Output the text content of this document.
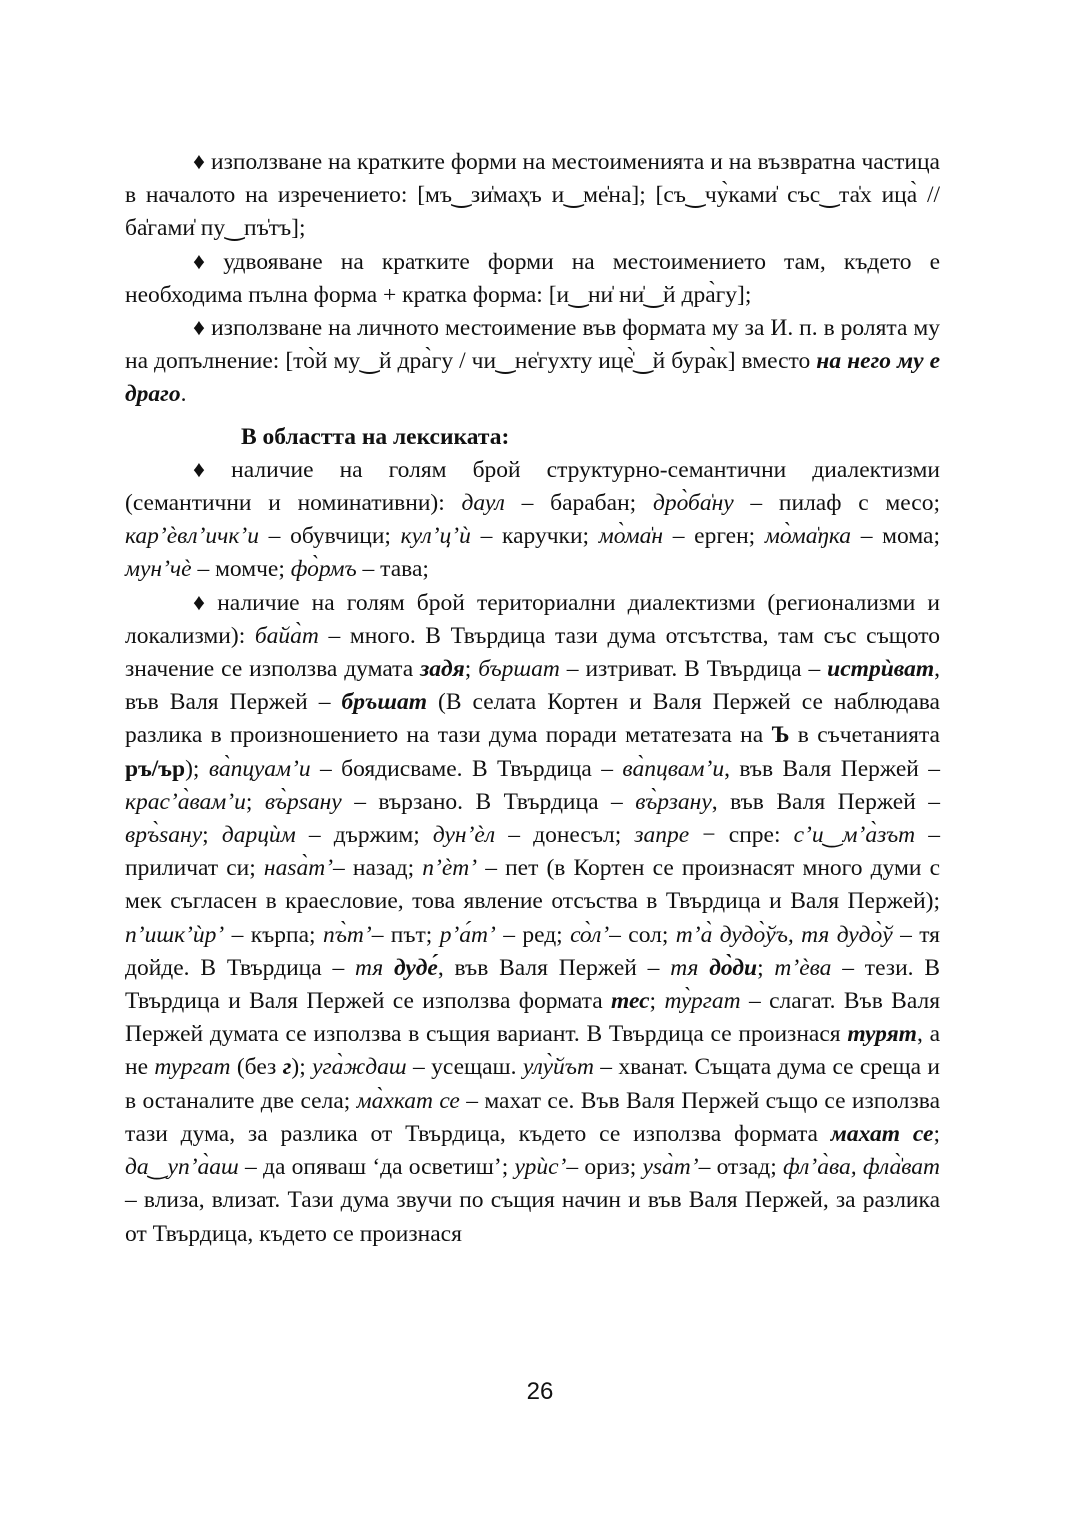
♦ използване на кратките форми на местоименията и на възвратна частица в началото на изречението: [мъ‿зи̍маҳъ и‿ме̍на]; [съ‿чу̀ками̍ със‿та̍х ица̀ // ба̍гами̍ пу‿пъ̍тъ];

♦ удвояване на кратките форми на местоимението там, където е необходима пълна форма + кратка форма: [и‿ни̍ ни̍‿й дра̀гу];

♦ използване на личното местоимение във формата му за И. п. в ролята му на допълнение: [то̀й му‿й дра̀гу / чи‿не̍гухту ице̍̀‿й бура̀к] вместо на него му е драго.

В областта на лексиката:

♦ наличие на голям брой структурно-семантични диалектизми (семантични и номинативни): даул – барабан; дро̀ба̍ну – пилаф с месо; кар’ѐвл’ичк’и – обувчици; кул’ц’ѝ – каручки; мо̀ма̍н – ерген; мо̀ма̍ŋка – мома; мун’чѐ – момче; фо̀рмъ – тава;

♦ наличие на голям брой териториални диалектизми (регионализми и локализми): байа̀т – много. В Твърдица тази дума отсътства, там със същото значение се използва думата задя; бършат – изтриват. В Твърдица – истрѝват, във Валя Пержей – бръшат (В селата Кортен и Валя Пержей се наблюдава разлика в произношението на тази дума поради метатезата на Ъ в съчетанията ръ/ър); ва̀пцуам’и – боядисваме. В Твърдица – ва̀пцвам’и, във Валя Пержей – крас’а̀вам’и; въ̀рѕану – вързано. В Твърдица – въ̀рзану, във Валя Пержей – връ̀ѕану; дарцѝм – държим; дун’ѐл – донесъл; запре − спре: с’и‿м’а̀зът – приличат си; наѕа̀т’– назад; п’ѐт’ – пет (в Кортен се произнасят много думи с мек съгласен в краесловие, това явление отсъства в Твърдица и Валя Пержей); п’ишк’ѝр’ – кърпа; пъ̀т’– път; р’а́т’ – ред; со̀л’– сол; т’а̀ дудо̀ўъ, тя дудо̀ў – тя дойде. В Твърдица – тя дуде́, във Валя Пержей – тя до̀ди; т’ѐва – тези. В Твърдица и Валя Пержей се използва формата тес; ту̀ргат – слагат. Във Валя Пержей думата се използва в същия вариант. В Твърдица се произнася турят, а не тургат (без г); уга̀ждаш – усещаш. улу̀йът – хванат. Същата дума се среща и в останалите две села; ма̀хкат се – махат се. Във Валя Пержей също се използва тази дума, за разлика от Твърдица, където се използва формата махат се; да‿уп’а̀аш – да опяваш ‘да осветиш’; урѝс’– ориз; уѕа̀т’– отзад; фл’а̀ва, фла̍̀ват – влиза, влизат. Тази дума звучи по същия начин и във Валя Пержей, за разлика от Твърдица, където се произнася

26
